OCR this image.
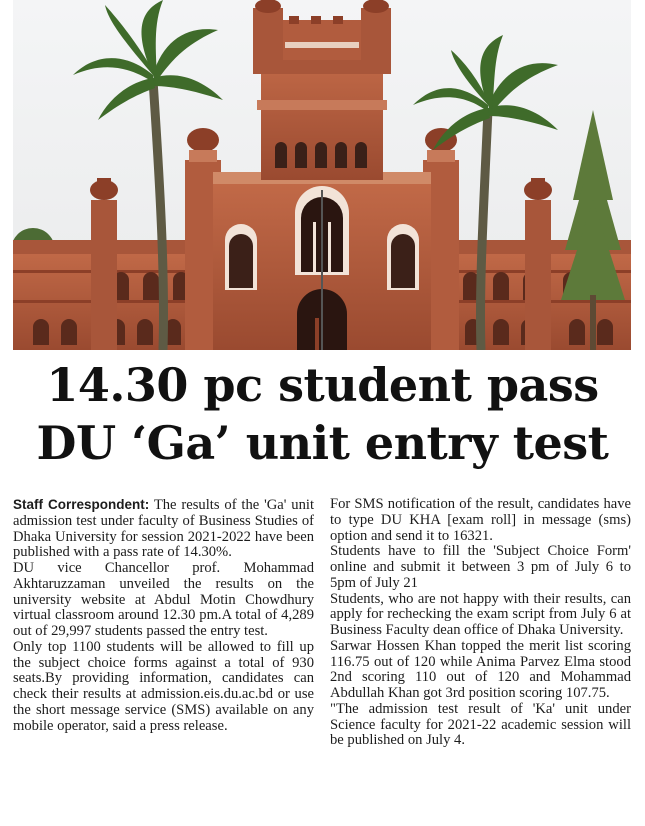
14.30 pc student pass
DU ‘Ga’ unit entry test

Staff Correspondent: The results of the 'Ga' unit admission test under faculty of Business Studies of Dhaka University for session 2021-2022 have been published with a pass rate of 14.30%.

DU vice Chancellor prof. Mohammad Akhtaruzzaman unveiled the results on the university website at Abdul Motin Chowdhury virtual classroom around 12.30 pm.A total of 4,289 out of 29,997 students passed the entry test.

Only top 1100 students will be allowed to fill up the subject choice forms against a total of 930 seats.By providing information, candidates can check their results at admission.eis.du.ac.bd or use the short message service (SMS) available on any mobile operator, said a press release.

For SMS notification of the result, candidates have to type DU KHA [exam roll] in message (sms) option and send it to 16321.

Students have to fill the 'Subject Choice Form' online and submit it between 3 pm of July 6 to 5pm of July 21

Students, who are not happy with their results, can apply for rechecking the exam script from July 6 at Business Faculty dean office of Dhaka University.

Sarwar Hossen Khan topped the merit list scoring 116.75 out of 120 while Anima Parvez Elma stood 2nd scoring 110 out of 120 and Mohammad Abdullah Khan got 3rd position scoring 107.75.

"The admission test result of 'Ka' unit under Science faculty for 2021-22 academic session will be published on July 4.
